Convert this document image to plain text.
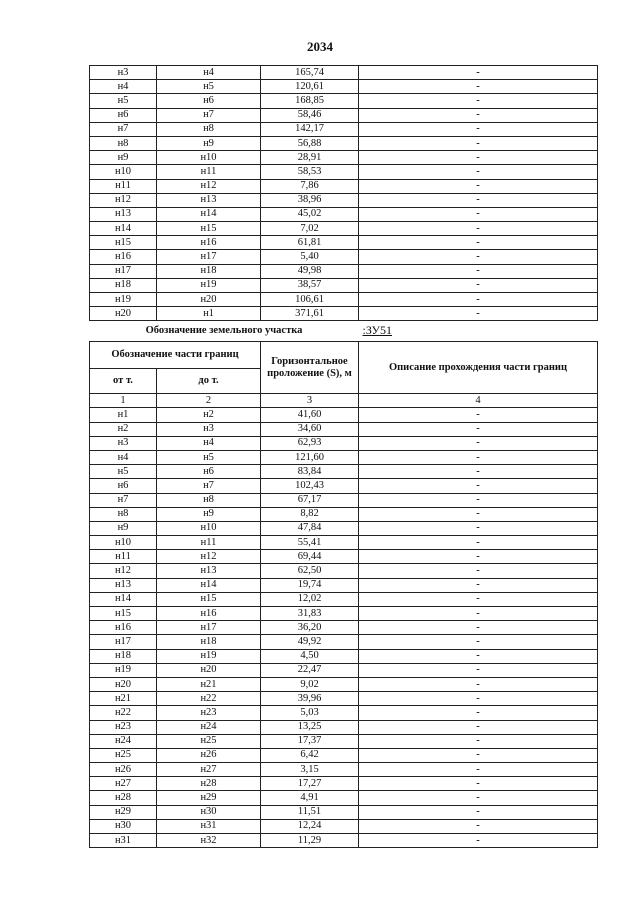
2034
н3	н4	165,74	-
н4	н5	120,61	-
н5	н6	168,85	-
н6	н7	58,46	-
н7	н8	142,17	-
н8	н9	56,88	-
н9	н10	28,91	-
н10	н11	58,53	-
н11	н12	7,86	-
н12	н13	38,96	-
н13	н14	45,02	-
н14	н15	7,02	-
н15	н16	61,81	-
н16	н17	5,40	-
н17	н18	49,98	-
н18	н19	38,57	-
н19	н20	106,61	-
н20	н1	371,61	-
Обозначение земельного участка			:ЗУ51
Обозначение части границ		Горизонтальное проложение (S), м	Описание прохождения части границ
от т.	до т.		
1	2	3	4
н1	н2	41,60	-
н2	н3	34,60	-
н3	н4	62,93	-
н4	н5	121,60	-
н5	н6	83,84	-
н6	н7	102,43	-
н7	н8	67,17	-
н8	н9	8,82	-
н9	н10	47,84	-
н10	н11	55,41	-
н11	н12	69,44	-
н12	н13	62,50	-
н13	н14	19,74	-
н14	н15	12,02	-
н15	н16	31,83	-
н16	н17	36,20	-
н17	н18	49,92	-
н18	н19	4,50	-
н19	н20	22,47	-
н20	н21	9,02	-
н21	н22	39,96	-
н22	н23	5,03	-
н23	н24	13,25	-
н24	н25	17,37	-
н25	н26	6,42	-
н26	н27	3,15	-
н27	н28	17,27	-
н28	н29	4,91	-
н29	н30	11,51	-
н30	н31	12,24	-
н31	н32	11,29	-
